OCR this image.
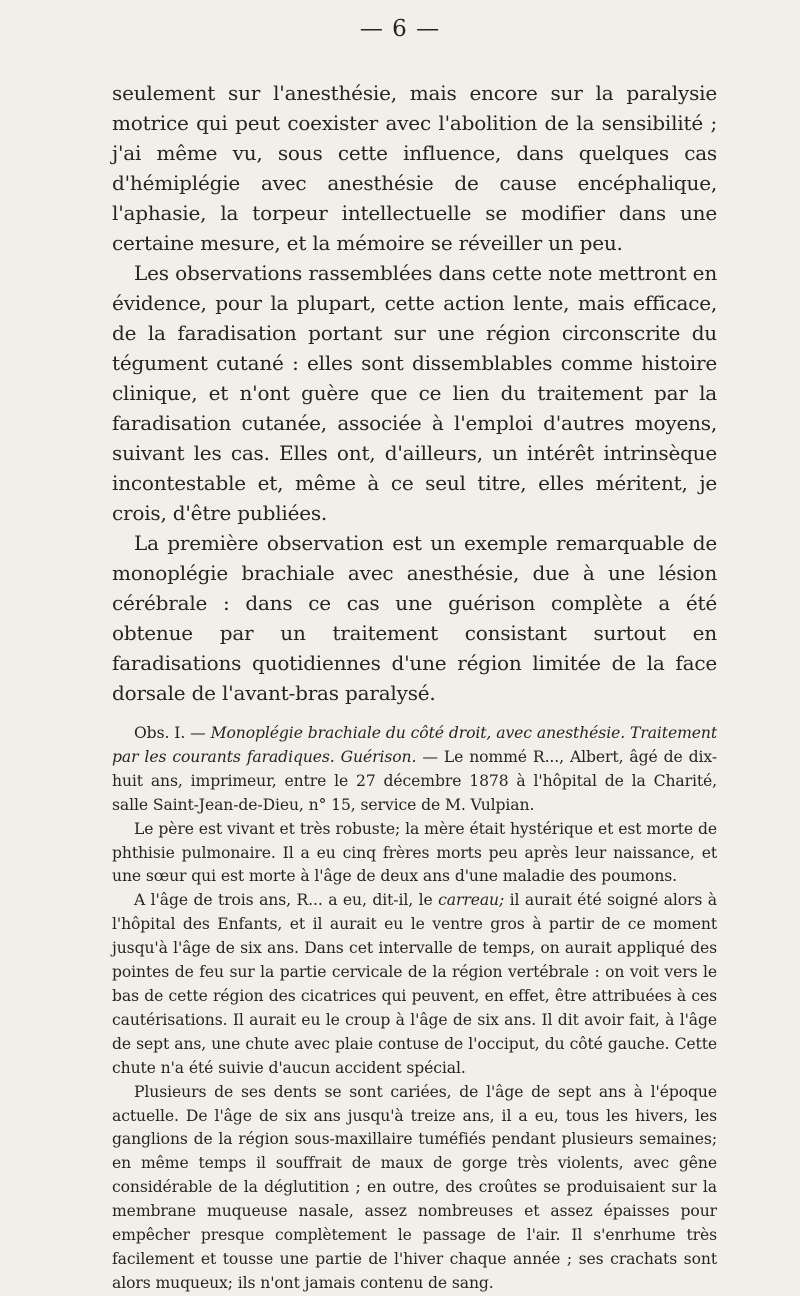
— 6 —

seulement sur l'anesthésie, mais encore sur la paralysie motrice qui peut coexister avec l'abolition de la sensibilité ; j'ai même vu, sous cette influence, dans quelques cas d'hémiplégie avec anesthésie de cause encéphalique, l'aphasie, la torpeur intellectuelle se modifier dans une certaine mesure, et la mémoire se réveiller un peu.

Les observations rassemblées dans cette note mettront en évidence, pour la plupart, cette action lente, mais efficace, de la faradisation portant sur une région circonscrite du tégument cutané : elles sont dissemblables comme histoire clinique, et n'ont guère que ce lien du traitement par la faradisation cutanée, associée à l'emploi d'autres moyens, suivant les cas. Elles ont, d'ailleurs, un intérêt intrinsèque incontestable et, même à ce seul titre, elles méritent, je crois, d'être publiées.

La première observation est un exemple remarquable de monoplégie brachiale avec anesthésie, due à une lésion cérébrale : dans ce cas une guérison complète a été obtenue par un traitement consistant surtout en faradisations quotidiennes d'une région limitée de la face dorsale de l'avant-bras paralysé.

Obs. I. — Monoplégie brachiale du côté droit, avec anesthésie. Traitement par les courants faradiques. Guérison. — Le nommé R..., Albert, âgé de dix-huit ans, imprimeur, entre le 27 décembre 1878 à l'hôpital de la Charité, salle Saint-Jean-de-Dieu, n° 15, service de M. Vulpian.

Le père est vivant et très robuste; la mère était hystérique et est morte de phthisie pulmonaire. Il a eu cinq frères morts peu après leur naissance, et une sœur qui est morte à l'âge de deux ans d'une maladie des poumons.

A l'âge de trois ans, R... a eu, dit-il, le carreau; il aurait été soigné alors à l'hôpital des Enfants, et il aurait eu le ventre gros à partir de ce moment jusqu'à l'âge de six ans. Dans cet intervalle de temps, on aurait appliqué des pointes de feu sur la partie cervicale de la région vertébrale : on voit vers le bas de cette région des cicatrices qui peuvent, en effet, être attribuées à ces cautérisations. Il aurait eu le croup à l'âge de six ans. Il dit avoir fait, à l'âge de sept ans, une chute avec plaie contuse de l'occiput, du côté gauche. Cette chute n'a été suivie d'aucun accident spécial.

Plusieurs de ses dents se sont cariées, de l'âge de sept ans à l'époque actuelle. De l'âge de six ans jusqu'à treize ans, il a eu, tous les hivers, les ganglions de la région sous-maxillaire tuméfiés pendant plusieurs semaines; en même temps il souffrait de maux de gorge très violents, avec gêne considérable de la déglutition ; en outre, des croûtes se produisaient sur la membrane muqueuse nasale, assez nombreuses et assez épaisses pour empêcher presque complètement le passage de l'air. Il s'enrhume très facilement et tousse une partie de l'hiver chaque année ; ses crachats sont alors muqueux; ils n'ont jamais contenu de sang.
